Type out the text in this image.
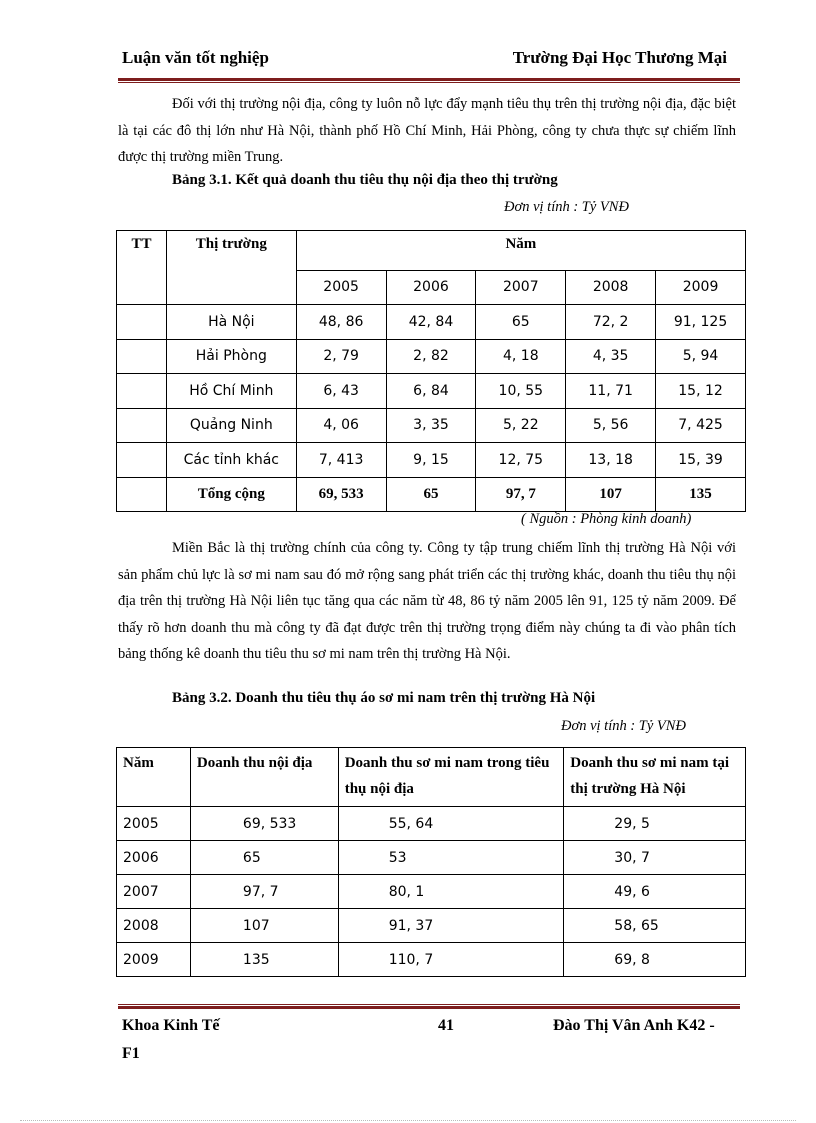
Luận văn tốt nghiệp	Trường Đại Học Thương Mại
Đối với thị trường nội địa, công ty luôn nỗ lực đẩy mạnh tiêu thụ trên thị trường nội địa, đặc biệt là tại các đô thị lớn như Hà Nội, thành phố Hồ Chí Minh, Hải Phòng, công ty chưa thực sự chiếm lĩnh được thị trường miền Trung.
Bảng 3.1. Kết quả doanh thu tiêu thụ nội địa theo thị trường
Đơn vị tính : Tỷ VNĐ
TT	Thị trường	Năm				
		2005	2006	2007	2008	2009
	Hà Nội	48, 86	42, 84	65	72, 2	91, 125
	Hải Phòng	2, 79	2, 82	4, 18	4, 35	5, 94
	Hồ Chí Minh	6, 43	6, 84	10, 55	11, 71	15, 12
	Quảng Ninh	4, 06	3, 35	5, 22	5, 56	7, 425
	Các tỉnh khác	7, 413	9, 15	12, 75	13, 18	15, 39
	Tổng cộng	69, 533	65	97, 7	107	135
( Nguồn : Phòng kinh doanh)
Miền Bắc là thị trường chính của công ty. Công ty tập trung chiếm lĩnh thị trường Hà Nội với sản phẩm chủ lực là sơ mi nam sau đó mở rộng sang phát triển các thị trường khác, doanh thu tiêu thụ nội địa trên thị trường Hà Nội liên tục tăng qua các năm từ 48, 86 tỷ năm 2005 lên 91, 125 tỷ năm 2009. Để thấy rõ hơn doanh thu mà công ty đã đạt được trên thị trường trọng điểm này chúng ta đi vào phân tích bảng thống kê doanh thu tiêu thu sơ mi nam trên thị trường Hà Nội.
Bảng 3.2. Doanh thu tiêu thụ áo sơ mi nam trên thị trường Hà Nội
Đơn vị tính : Tỷ VNĐ
Năm	Doanh thu nội địa	Doanh thu sơ mi nam trong tiêu thụ nội địa	Doanh thu sơ mi nam tại thị trường Hà Nội
2005	69, 533	55, 64	29, 5
2006	65	53	30, 7
2007	97, 7	80, 1	49, 6
2008	107	91, 37	58, 65
2009	135	110, 7	69, 8
Khoa Kinh Tế	41	Đào Thị Vân Anh K42 -
F1
